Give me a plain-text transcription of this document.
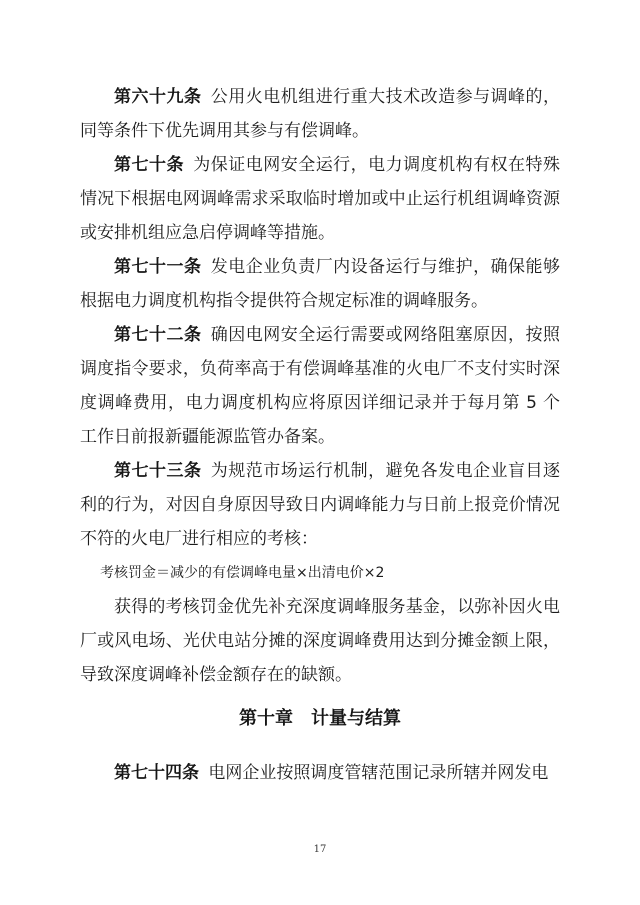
第六十九条 公用火电机组进行重大技术改造参与调峰的，同等条件下优先调用其参与有偿调峰。

第七十条 为保证电网安全运行，电力调度机构有权在特殊情况下根据电网调峰需求采取临时增加或中止运行机组调峰资源或安排机组应急启停调峰等措施。

第七十一条 发电企业负责厂内设备运行与维护，确保能够根据电力调度机构指令提供符合规定标准的调峰服务。

第七十二条 确因电网安全运行需要或网络阻塞原因，按照调度指令要求，负荷率高于有偿调峰基准的火电厂不支付实时深度调峰费用，电力调度机构应将原因详细记录并于每月第 5 个工作日前报新疆能源监管办备案。

第七十三条 为规范市场运行机制，避免各发电企业盲目逐利的行为，对因自身原因导致日内调峰能力与日前上报竞价情况不符的火电厂进行相应的考核：

考核罚金＝减少的有偿调峰电量×出清电价×2

获得的考核罚金优先补充深度调峰服务基金，以弥补因火电厂或风电场、光伏电站分摊的深度调峰费用达到分摊金额上限，导致深度调峰补偿金额存在的缺额。

第十章　计量与结算

第七十四条 电网企业按照调度管辖范围记录所辖并网发电

17
